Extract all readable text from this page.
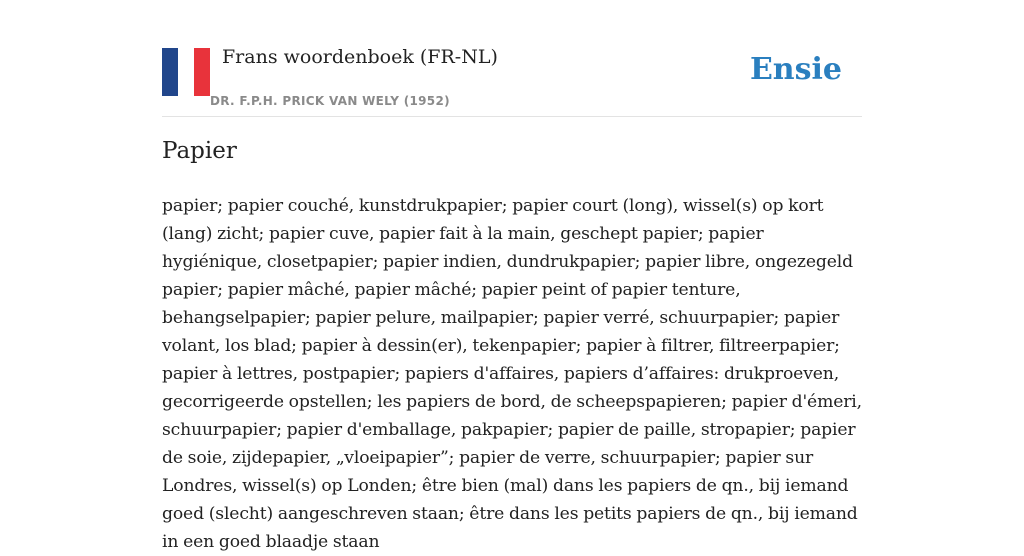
Frans woordenboek (FR-NL)
DR. F.P.H. PRICK VAN WELY (1952)
Ensie
Papier

papier; papier couché, kunstdrukpapier; papier court (long), wissel(s) op kort (lang) zicht; papier cuve, papier fait à la main, geschept papier; papier hygiénique, closetpapier; papier indien, dundrukpapier; papier libre, ongezegeld papier; papier mâché, papier mâché; papier peint of papier tenture, behangselpapier; papier pelure, mailpapier; papier verré, schuurpapier; papier volant, los blad; papier à dessin(er), tekenpapier; papier à filtrer, filtreerpapier; papier à lettres, postpapier; papiers d'affaires, papiers d’affaires: drukproeven, gecorrigeerde opstellen; les papiers de bord, de scheepspapieren; papier d'émeri, schuurpapier; papier d'emballage, pakpapier; papier de paille, stropapier; papier de soie, zijdepapier, „vloeipapier”; papier de verre, schuurpapier; papier sur Londres, wissel(s) op Londen; être bien (mal) dans les papiers de qn., bij iemand goed (slecht) aangeschreven staan; être dans les petits papiers de qn., bij iemand in een goed blaadje staan
